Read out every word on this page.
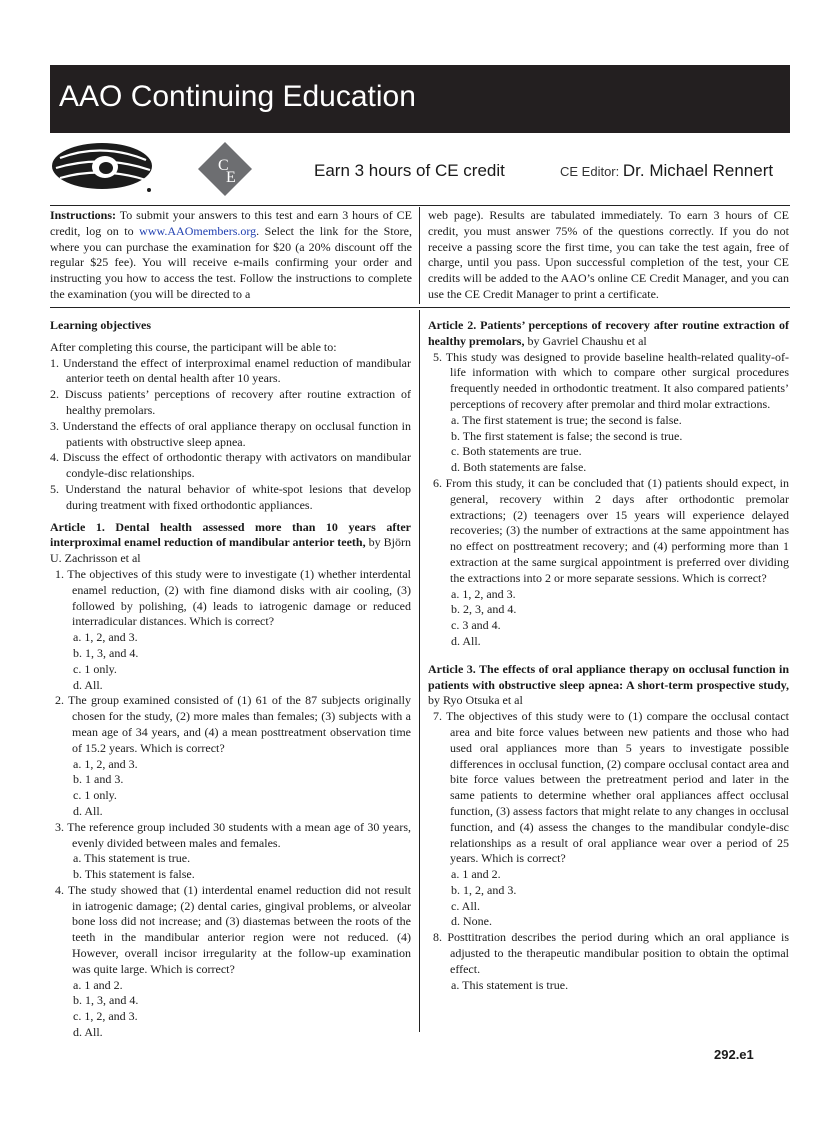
AAO Continuing Education
C
E	Earn 3 hours of CE credit	CE Editor: Dr. Michael Rennert

Instructions: To submit your answers to this test and earn 3 hours of CE credit, log on to www.AAOmembers.org. Select the link for the Store, where you can purchase the examination for $20 (a 20% discount off the regular $25 fee). You will receive e-mails confirming your order and instructing you how to access the test. Follow the instructions to complete the examination (you will be directed to a

web page). Results are tabulated immediately. To earn 3 hours of CE credit, you must answer 75% of the questions correctly. If you do not receive a passing score the first time, you can take the test again, free of charge, until you pass. Upon successful completion of the test, your CE credits will be added to the AAO’s online CE Credit Manager, and you can use the CE Credit Manager to print a certificate.

Learning objectives

After completing this course, the participant will be able to:

1. Understand the effect of interproximal enamel reduction of mandibular anterior teeth on dental health after 10 years.

2. Discuss patients’ perceptions of recovery after routine extraction of healthy premolars.

3. Understand the effects of oral appliance therapy on occlusal function in patients with obstructive sleep apnea.

4. Discuss the effect of orthodontic therapy with activators on mandibular condyle-disc relationships.

5. Understand the natural behavior of white-spot lesions that develop during treatment with fixed orthodontic appliances.

Article 1. Dental health assessed more than 10 years after interproximal enamel reduction of mandibular anterior teeth, by Björn U. Zachrisson et al

1. The objectives of this study were to investigate (1) whether interdental enamel reduction, (2) with fine diamond disks with air cooling, (3) followed by polishing, (4) leads to iatrogenic damage or reduced interradicular distances. Which is correct?

a. 1, 2, and 3.

b. 1, 3, and 4.

c. 1 only.

d. All.

2. The group examined consisted of (1) 61 of the 87 subjects originally chosen for the study, (2) more males than females; (3) subjects with a mean age of 34 years, and (4) a mean posttreatment observation time of 15.2 years. Which is correct?

a. 1, 2, and 3.

b. 1 and 3.

c. 1 only.

d. All.

3. The reference group included 30 students with a mean age of 30 years, evenly divided between males and females.

a. This statement is true.

b. This statement is false.

4. The study showed that (1) interdental enamel reduction did not result in iatrogenic damage; (2) dental caries, gingival problems, or alveolar bone loss did not increase; and (3) diastemas between the roots of the teeth in the mandibular anterior region were not reduced. (4) However, overall incisor irregularity at the follow-up examination was quite large. Which is correct?

a. 1 and 2.

b. 1, 3, and 4.

c. 1, 2, and 3.

d. All.

Article 2. Patients’ perceptions of recovery after routine extraction of healthy premolars, by Gavriel Chaushu et al

5. This study was designed to provide baseline health-related quality-of-life information with which to compare other surgical procedures frequently needed in orthodontic treatment. It also compared patients’ perceptions of recovery after premolar and third molar extractions.

a. The first statement is true; the second is false.

b. The first statement is false; the second is true.

c. Both statements are true.

d. Both statements are false.

6. From this study, it can be concluded that (1) patients should expect, in general, recovery within 2 days after orthodontic premolar extractions; (2) teenagers over 15 years will experience delayed recoveries; (3) the number of extractions at the same appointment has no effect on posttreatment recovery; and (4) performing more than 1 extraction at the same surgical appointment is preferred over dividing the extractions into 2 or more separate sessions. Which is correct?

a. 1, 2, and 3.

b. 2, 3, and 4.

c. 3 and 4.

d. All.

Article 3. The effects of oral appliance therapy on occlusal function in patients with obstructive sleep apnea: A short-term prospective study, by Ryo Otsuka et al

7. The objectives of this study were to (1) compare the occlusal contact area and bite force values between new patients and those who had used oral appliances more than 5 years to investigate possible differences in occlusal function, (2) compare occlusal contact area and bite force values between the pretreatment period and later in the same patients to determine whether oral appliances affect occlusal function, (3) assess factors that might relate to any changes in occlusal function, and (4) assess the changes to the mandibular condyle-disc relationships as a result of oral appliance wear over a period of 25 years. Which is correct?

a. 1 and 2.

b. 1, 2, and 3.

c. All.

d. None.

8. Posttitration describes the period during which an oral appliance is adjusted to the therapeutic mandibular position to obtain the optimal effect.

a. This statement is true.

292.e1
